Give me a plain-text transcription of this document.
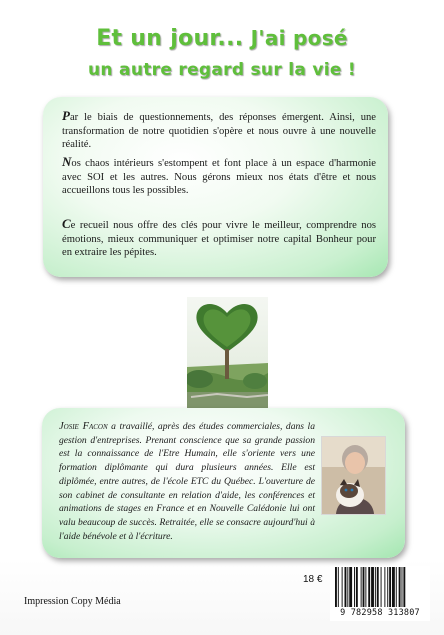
Et un jour... J'ai posé
un autre regard sur la vie !

Par le biais de questionnements, des réponses émergent. Ainsi, une transformation de notre quotidien s'opère et nous ouvre à une nouvelle réalité.

Nos chaos intérieurs s'estompent et font place à un espace d'harmonie avec SOI et les autres. Nous gérons mieux nos états d'être et nous accueillons tous les possibles.

Ce recueil nous offre des clés pour vivre le meilleur, comprendre nos émotions, mieux communiquer et optimiser notre capital Bonheur pour en extraire les pépites.

Josie Facon a travaillé, après des études commerciales, dans la gestion d'entreprises. Prenant conscience que sa grande passion est la connaissance de l'Etre Humain, elle s'oriente vers une formation diplômante qui dura plusieurs années. Elle est diplômée, entre autres, de l'école ETC du Québec. L'ouverture de son cabinet de consultante en relation d'aide, les conférences et animations de stages en France et en Nouvelle Calédonie lui ont valu beaucoup de succès. Retraitée, elle se consacre aujourd'hui à l'aide bénévole et à l'écriture.
18 €
Impression Copy Média
9 782958 313807
